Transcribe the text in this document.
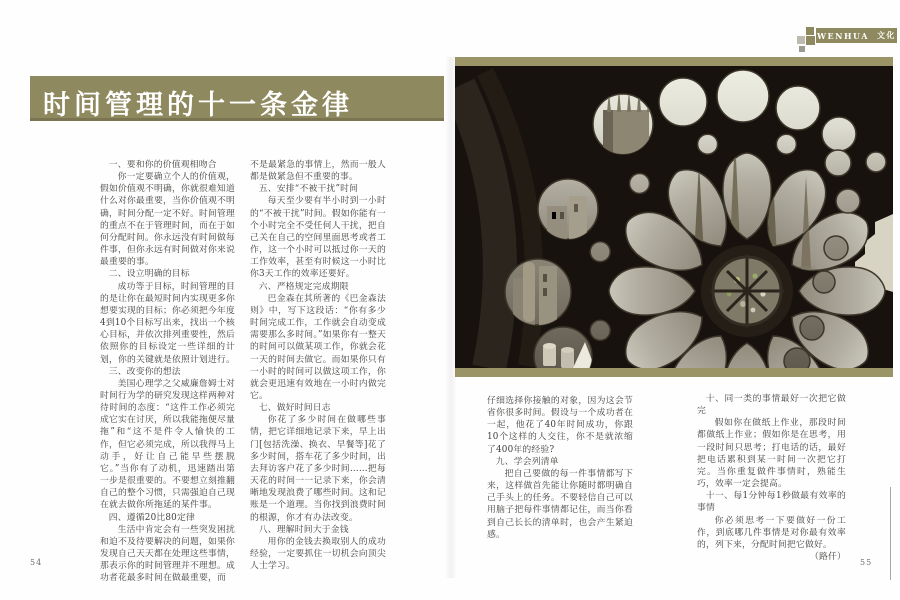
WENHUA 文化
时间管理的十一条金律

一、要和你的价值观相吻合

你一定要确立个人的价值观，假如价值观不明确，你就很难知道什么对你最重要，当你价值观不明确，时间分配一定不好。时间管理的重点不在于管理时间，而在于如何分配时间。你永远没有时间做每件事，但你永远有时间做对你来说最重要的事。

二、设立明确的目标

成功等于目标，时间管理的目的是让你在最短时间内实现更多你想要实现的目标；你必须把今年度4到10个目标写出来，找出一个核心目标，并依次排列重要性，然后依照你的目标设定一些详细的计划，你的关键就是依照计划进行。

三、改变你的想法

美国心理学之父威廉詹姆士对时间行为学的研究发现这样两种对待时间的态度：“这件工作必须完成它实在讨厌，所以我能拖便尽量拖”和“这不是件令人愉快的工作，但它必须完成，所以我得马上动手，好让自己能早些摆脱它。”当你有了动机，迅速踏出第一步是很重要的。不要想立刻推翻自己的整个习惯，只需强迫自己现在就去做你所拖延的某件事。

四、遵循20比80定律

生活中肯定会有一些突发困扰和迫不及待要解决的问题，如果你发现自己天天都在处理这些事情，那表示你的时间管理并不理想。成功者花最多时间在做最重要，而

不是最紧急的事情上，然而一般人都是做紧急但不重要的事。

五、安排“不被干扰”时间

每天至少要有半小时到一小时的“不被干扰”时间。假如你能有一个小时完全不受任何人干扰，把自己关在自己的空间里面思考或者工作，这一个小时可以抵过你一天的工作效率，甚至有时候这一小时比你3天工作的效率还要好。

六、严格规定完成期限

巴金森在其所著的《巴金森法则》中，写下这段话：“你有多少时间完成工作，工作就会自动变成需要那么多时间。”如果你有一整天的时间可以做某项工作，你就会花一天的时间去做它。而如果你只有一小时的时间可以做这项工作，你就会更迅速有效地在一小时内做完它。

七、做好时间日志

你花了多少时间在做哪些事情，把它详细地记录下来，早上出门[包括洗澡、换衣、早餐等]花了多少时间，搭车花了多少时间，出去拜访客户花了多少时间……把每天花的时间一一记录下来，你会清晰地发现浪费了哪些时间。这和记账是一个道理。当你找到浪费时间的根源，你才有办法改变。

八、理解时间大于金钱

用你的金钱去换取别人的成功经验，一定要抓住一切机会向顶尖人士学习。

仔细选择你接触的对象，因为这会节省你很多时间。假设与一个成功者在一起，他花了40年时间成功，你跟10个这样的人交往，你不是就浓缩了400年的经验?

九、学会列清单

把自己要做的每一件事情都写下来，这样做首先能让你随时都明确自己手头上的任务。不要轻信自己可以用脑子把每件事情都记住，而当你看到自己长长的清单时，也会产生紧迫感。

十、同一类的事情最好一次把它做完

假如你在做纸上作业，那段时间都做纸上作业；假如你是在思考，用一段时间只思考；打电话的话，最好把电话累积到某一时间一次把它打完。当你重复做件事情时，熟能生巧，效率一定会提高。

十一、每1分钟每1秒做最有效率的事情

你必须思考一下要做好一份工作，到底哪几件事情是对你最有效率的，列下来，分配时间把它做好。
（路仟）

54	55
